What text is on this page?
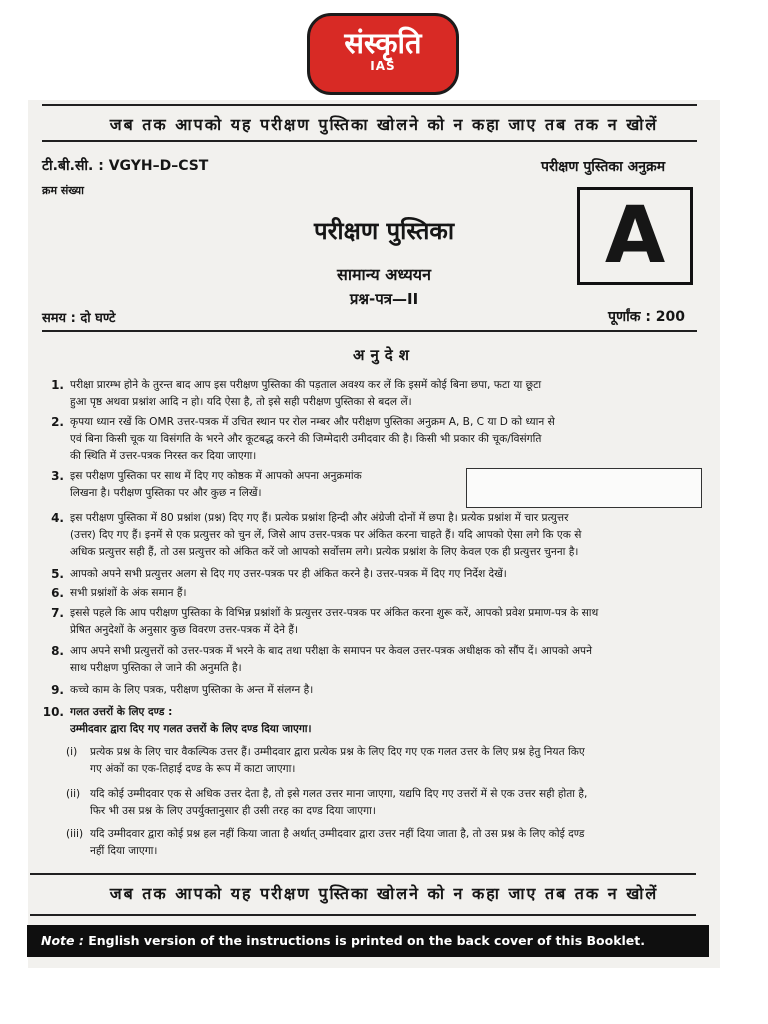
संस्कृति
IAS
जब तक आपको यह परीक्षण पुस्तिका खोलने को न कहा जाए तब तक न खोलें
टी.बी.सी. : VGYH–D–CST	परीक्षण पुस्तिका अनुक्रम
क्रम संख्या
A
परीक्षण पुस्तिका
सामान्य अध्ययन
प्रश्न-पत्र—II
समय : दो घण्टे	पूर्णांक : 200
अनुदेश
1. परीक्षा प्रारम्भ होने के तुरन्त बाद आप इस परीक्षण पुस्तिका की पड़ताल अवश्य कर लें कि इसमें कोई बिना छपा, फटा या छूटा
हुआ पृष्ठ अथवा प्रश्नांश आदि न हो। यदि ऐसा है, तो इसे सही परीक्षण पुस्तिका से बदल लें।
2. कृपया ध्यान रखें कि OMR उत्तर-पत्रक में उचित स्थान पर रोल नम्बर और परीक्षण पुस्तिका अनुक्रम A, B, C या D को ध्यान से
एवं बिना किसी चूक या विसंगति के भरने और कूटबद्ध करने की जिम्मेदारी उमीदवार की है। किसी भी प्रकार की चूक/विसंगति
की स्थिति में उत्तर-पत्रक निरस्त कर दिया जाएगा।
3. इस परीक्षण पुस्तिका पर साथ में दिए गए कोष्ठक में आपको अपना अनुक्रमांक
लिखना है। परीक्षण पुस्तिका पर और कुछ न लिखें।
4. इस परीक्षण पुस्तिका में 80 प्रश्नांश (प्रश्न) दिए गए हैं। प्रत्येक प्रश्नांश हिन्दी और अंग्रेजी दोनों में छपा है। प्रत्येक प्रश्नांश में चार प्रत्युत्तर
(उत्तर) दिए गए हैं। इनमें से एक प्रत्युत्तर को चुन लें, जिसे आप उत्तर-पत्रक पर अंकित करना चाहते हैं। यदि आपको ऐसा लगे कि एक से
अधिक प्रत्युत्तर सही हैं, तो उस प्रत्युत्तर को अंकित करें जो आपको सर्वोत्तम लगे। प्रत्येक प्रश्नांश के लिए केवल एक ही प्रत्युत्तर चुनना है।
5. आपको अपने सभी प्रत्युत्तर अलग से दिए गए उत्तर-पत्रक पर ही अंकित करने है। उत्तर-पत्रक में दिए गए निर्देश देखें।
6. सभी प्रश्नांशों के अंक समान हैं।
7. इससे पहले कि आप परीक्षण पुस्तिका के विभिन्न प्रश्नांशों के प्रत्युत्तर उत्तर-पत्रक पर अंकित करना शुरू करें, आपको प्रवेश प्रमाण-पत्र के साथ
प्रेषित अनुदेशों के अनुसार कुछ विवरण उत्तर-पत्रक में देने हैं।
8. आप अपने सभी प्रत्युत्तरों को उत्तर-पत्रक में भरने के बाद तथा परीक्षा के समापन पर केवल उत्तर-पत्रक अधीक्षक को सौंप दें। आपको अपने
साथ परीक्षण पुस्तिका ले जाने की अनुमति है।
9. कच्चे काम के लिए पत्रक, परीक्षण पुस्तिका के अन्त में संलग्न है।
10. गलत उत्तरों के लिए दण्ड :
उम्मीदवार द्वारा दिए गए गलत उत्तरों के लिए दण्ड दिया जाएगा।
(i)	प्रत्येक प्रश्न के लिए चार वैकल्पिक उत्तर हैं। उम्मीदवार द्वारा प्रत्येक प्रश्न के लिए दिए गए एक गलत उत्तर के लिए प्रश्न हेतु नियत किए
गए अंकों का एक-तिहाई दण्ड के रूप में काटा जाएगा।
(ii) यदि कोई उम्मीदवार एक से अधिक उत्तर देता है, तो इसे गलत उत्तर माना जाएगा, यद्यपि दिए गए उत्तरों में से एक उत्तर सही होता है,
फिर भी उस प्रश्न के लिए उपर्युक्तानुसार ही उसी तरह का दण्ड दिया जाएगा।
(iii) यदि उम्मीदवार द्वारा कोई प्रश्न हल नहीं किया जाता है अर्थात् उम्मीदवार द्वारा उत्तर नहीं दिया जाता है, तो उस प्रश्न के लिए कोई दण्ड
नहीं दिया जाएगा।
जब तक आपको यह परीक्षण पुस्तिका खोलने को न कहा जाए तब तक न खोलें
Note : English version of the instructions is printed on the back cover of this Booklet.
